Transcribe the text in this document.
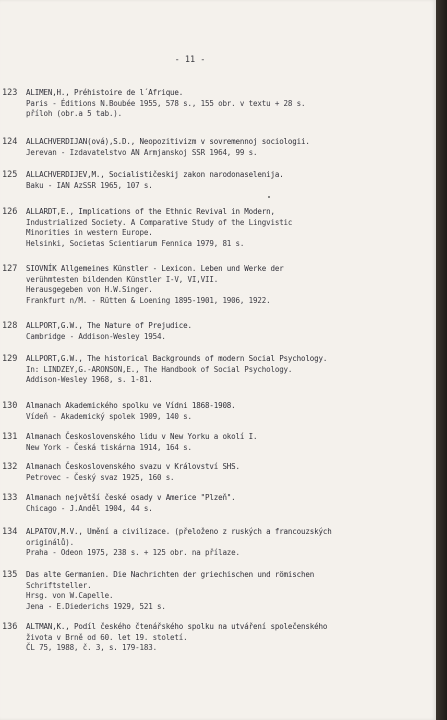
- 11 -
123 ALIMEN,H., Préhistoire de l´Afrique.
Paris - Éditions N.Boubée 1955, 578 s., 155 obr. v textu + 28 s.
příloh (obr.a 5 tab.).
124 ALLACHVERDIJAN(ová),S.D., Neopozitivizm v sovremennoj sociologii.
Jerevan - Izdavatelstvo AN Armjanskoj SSR 1964, 99 s.
125 ALLACHVERDIJEV,M., Socialističeskij zakon narodonaselenija.
Baku - IAN AzSSR 1965, 107 s.
126 ALLARDT,E., Implications of the Ethnic Revival in Modern,
Industrialized Society. A Comparative Study of the Lingvistic
Minorities in western Europe.
Helsinki, Societas Scientiarum Fennica 1979, 81 s.
127 SIOVNÍK Allgemeines Künstler - Lexicon. Leben und Werke der
verühmtesten bildenden Künstler I-V, VI,VII.
Herausgegeben von H.W.Singer.
Frankfurt n/M. - Rütten & Loening 1895-1901, 1906, 1922.
128 ALLPORT,G.W., The Nature of Prejudice.
Cambridge - Addison-Wesley 1954.
129 ALLPORT,G.W., The historical Backgrounds of modern Social Psychology.
In: LINDZEY,G.-ARONSON,E., The Handbook of Social Psychology.
Addison-Wesley 1968, s. 1-81.
130 Almanach Akademického spolku ve Vídni 1868-1908.
Vídeň - Akademický spolek 1909, 140 s.
131 Almanach Československého lidu v New Yorku a okolí I.
New York - Česká tiskárna 1914, 164 s.
132 Almanach Československého svazu v Království SHS.
Petrovec - Český svaz 1925, 160 s.
133 Almanach největší české osady v Americe "Plzeň".
Chicago - J.Anděl 1904, 44 s.
134 ALPATOV,M.V., Umění a civilizace. (přeloženo z ruských a francouzských
originálů).
Praha - Odeon 1975, 238 s. + 125 obr. na přílaze.
135 Das alte Germanien. Die Nachrichten der griechischen und römischen
Schriftsteller.
Hrsg. von W.Capelle.
Jena - E.Diederichs 1929, 521 s.
136 ALTMAN,K., Podíl českého čtenářského spolku na utváření společenského
života v Brně od 60. let 19. století.
ČL 75, 1988, č. 3, s. 179-183.
